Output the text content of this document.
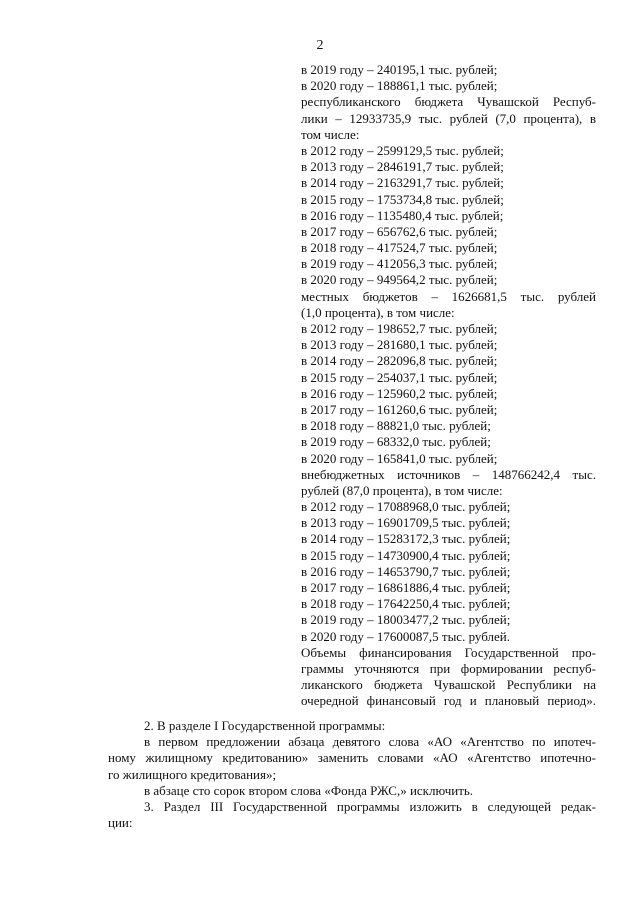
2
в 2019 году – 240195,1 тыс. рублей;
в 2020 году – 188861,1 тыс. рублей;
республиканского бюджета Чувашской Респуб-
лики – 12933735,9 тыс. рублей (7,0 процента), в
том числе:
в 2012 году – 2599129,5 тыс. рублей;
в 2013 году – 2846191,7 тыс. рублей;
в 2014 году – 2163291,7 тыс. рублей;
в 2015 году – 1753734,8 тыс. рублей;
в 2016 году – 1135480,4 тыс. рублей;
в 2017 году – 656762,6 тыс. рублей;
в 2018 году – 417524,7 тыс. рублей;
в 2019 году – 412056,3 тыс. рублей;
в 2020 году – 949564,2 тыс. рублей;
местных бюджетов – 1626681,5 тыс. рублей
(1,0 процента), в том числе:
в 2012 году – 198652,7 тыс. рублей;
в 2013 году – 281680,1 тыс. рублей;
в 2014 году – 282096,8 тыс. рублей;
в 2015 году – 254037,1 тыс. рублей;
в 2016 году – 125960,2 тыс. рублей;
в 2017 году – 161260,6 тыс. рублей;
в 2018 году – 88821,0 тыс. рублей;
в 2019 году – 68332,0 тыс. рублей;
в 2020 году – 165841,0 тыс. рублей;
внебюджетных источников – 148766242,4 тыс.
рублей (87,0 процента), в том числе:
в 2012 году – 17088968,0 тыс. рублей;
в 2013 году – 16901709,5 тыс. рублей;
в 2014 году – 15283172,3 тыс. рублей;
в 2015 году – 14730900,4 тыс. рублей;
в 2016 году – 14653790,7 тыс. рублей;
в 2017 году – 16861886,4 тыс. рублей;
в 2018 году – 17642250,4 тыс. рублей;
в 2019 году – 18003477,2 тыс. рублей;
в 2020 году – 17600087,5 тыс. рублей.
Объемы финансирования Государственной про-
граммы уточняются при формировании респуб-
ликанского бюджета Чувашской Республики на
очередной финансовый год и плановый период».
2. В разделе I Государственной программы:
в первом предложении абзаца девятого слова «АО «Агентство по ипотеч-
ному жилищному кредитованию» заменить словами «АО «Агентство ипотечно-
го жилищного кредитования»;
в абзаце сто сорок втором слова «Фонда РЖС,» исключить.
3. Раздел III Государственной программы изложить в следующей редак-
ции:
